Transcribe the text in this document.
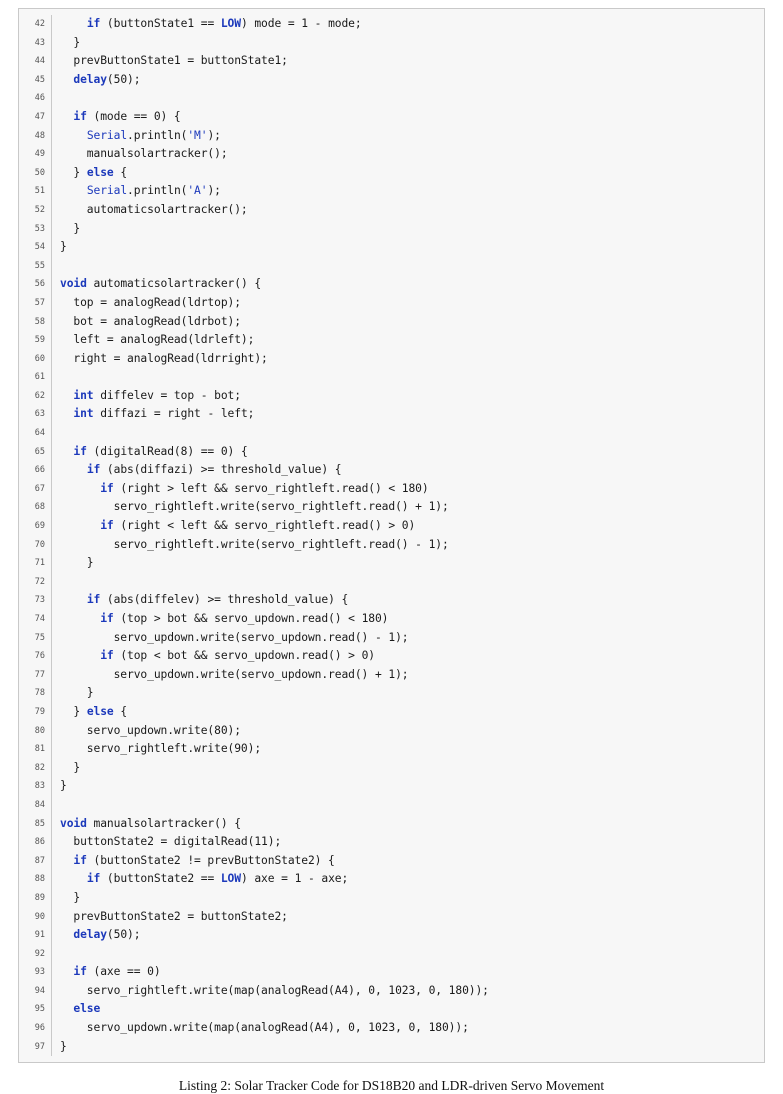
42		if (buttonState1 == LOW) mode = 1 - mode;
43		}
44		prevButtonState1 = buttonState1;
45		delay(50);
46		
47		if (mode == 0) {
48		Serial.println('M');
49		manualsolartracker();
50		} else {
51		Serial.println('A');
52		automaticsolartracker();
53		}
54		}
55		
56		void automaticsolartracker() {
57		top = analogRead(ldrtop);
58		bot = analogRead(ldrbot);
59		left = analogRead(ldrleft);
60		right = analogRead(ldrright);
61		
62		int diffelev = top - bot;
63		int diffazi = right - left;
64		
65		if (digitalRead(8) == 0) {
66		if (abs(diffazi) >= threshold_value) {
67		if (right > left && servo_rightleft.read() < 180)
68		servo_rightleft.write(servo_rightleft.read() + 1);
69		if (right < left && servo_rightleft.read() > 0)
70		servo_rightleft.write(servo_rightleft.read() - 1);
71		}
72		
73		if (abs(diffelev) >= threshold_value) {
74		if (top > bot && servo_updown.read() < 180)
75		servo_updown.write(servo_updown.read() - 1);
76		if (top < bot && servo_updown.read() > 0)
77		servo_updown.write(servo_updown.read() + 1);
78		}
79		} else {
80		servo_updown.write(80);
81		servo_rightleft.write(90);
82		}
83		}
84		
85		void manualsolartracker() {
86		buttonState2 = digitalRead(11);
87		if (buttonState2 != prevButtonState2) {
88		if (buttonState2 == LOW) axe = 1 - axe;
89		}
90		prevButtonState2 = buttonState2;
91		delay(50);
92		
93		if (axe == 0)
94		servo_rightleft.write(map(analogRead(A4), 0, 1023, 0, 180));
95		else
96		servo_updown.write(map(analogRead(A4), 0, 1023, 0, 180));
97		}
Listing 2: Solar Tracker Code for DS18B20 and LDR-driven Servo Movement
